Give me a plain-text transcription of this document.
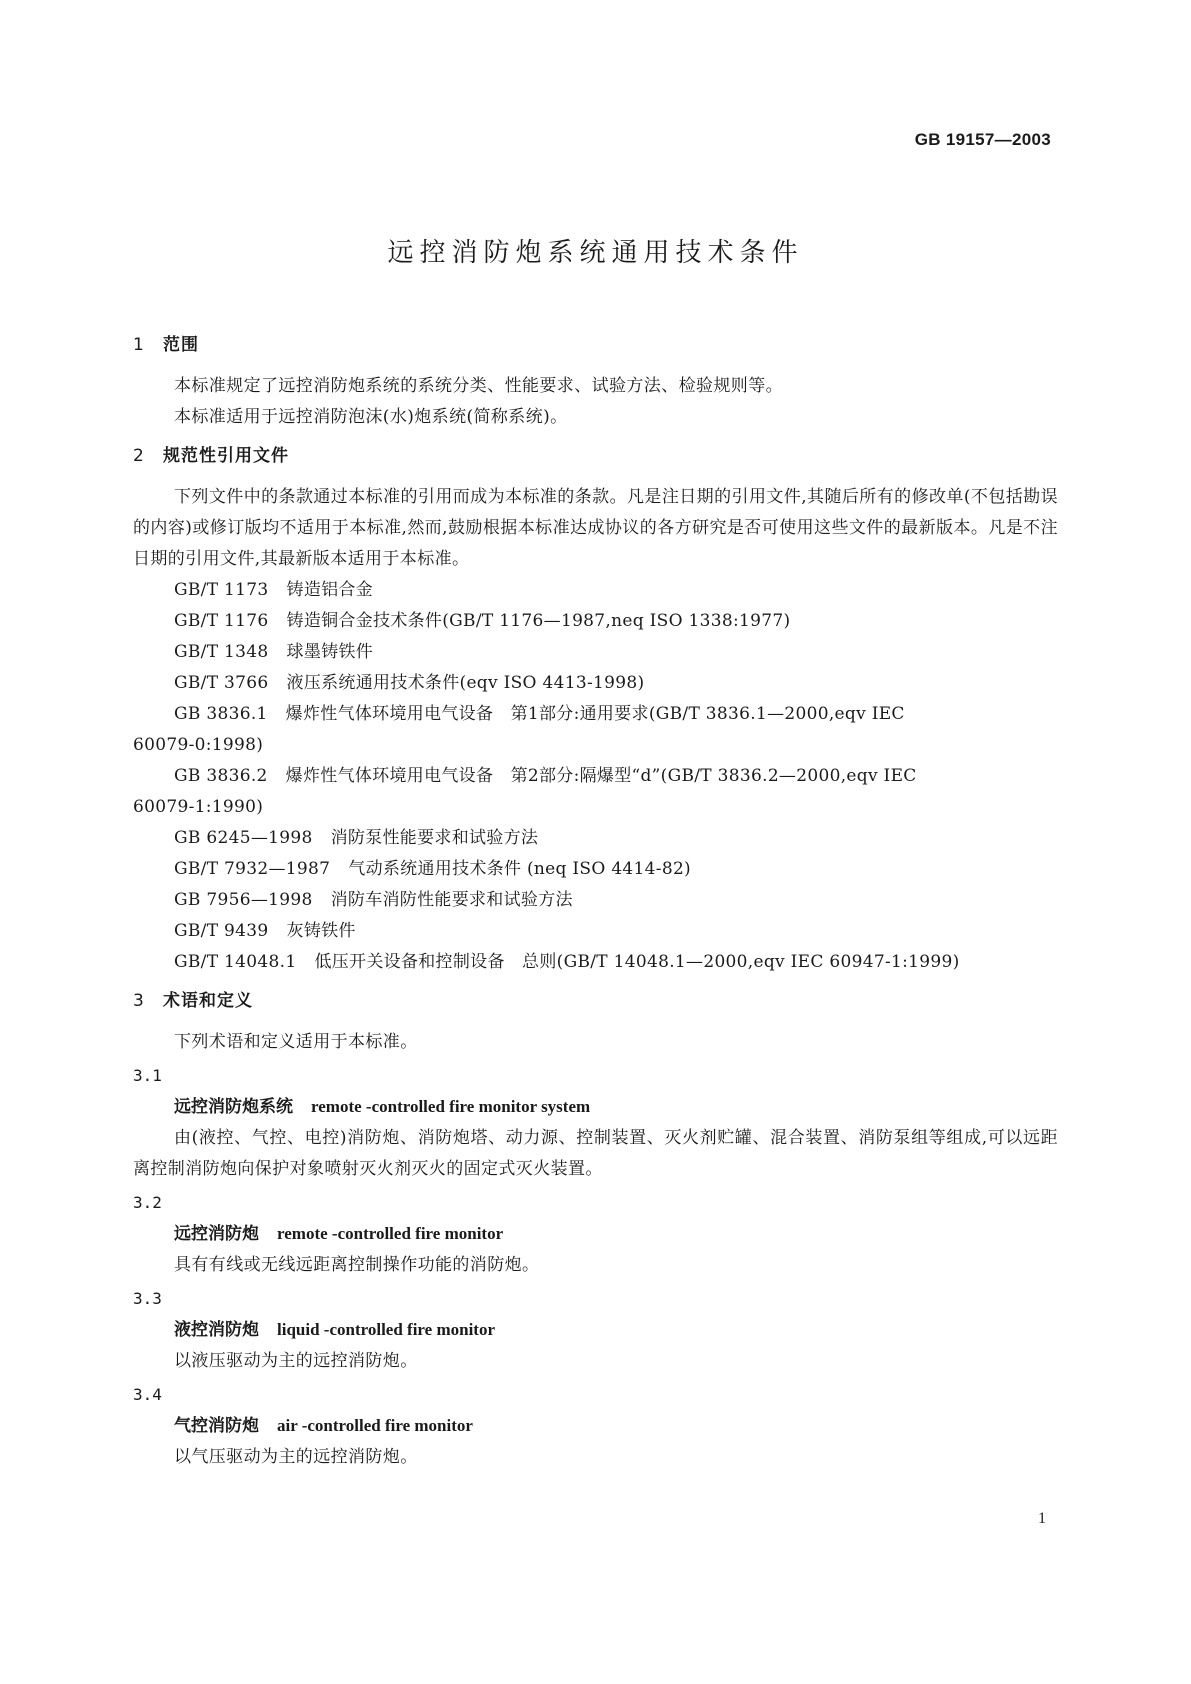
GB 19157—2003
远控消防炮系统通用技术条件
1 范围
本标准规定了远控消防炮系统的系统分类、性能要求、试验方法、检验规则等。
本标准适用于远控消防泡沫(水)炮系统(简称系统)。
2 规范性引用文件
下列文件中的条款通过本标准的引用而成为本标准的条款。凡是注日期的引用文件,其随后所有的修改单(不包括勘误的内容)或修订版均不适用于本标准,然而,鼓励根据本标准达成协议的各方研究是否可使用这些文件的最新版本。凡是不注日期的引用文件,其最新版本适用于本标准。
GB/T 1173 铸造铝合金
GB/T 1176 铸造铜合金技术条件(GB/T 1176—1987,neq ISO 1338:1977)
GB/T 1348 球墨铸铁件
GB/T 3766 液压系统通用技术条件(eqv ISO 4413-1998)
GB 3836.1 爆炸性气体环境用电气设备　第1部分:通用要求(GB/T 3836.1—2000,eqv IEC
60079-0:1998)
GB 3836.2 爆炸性气体环境用电气设备　第2部分:隔爆型“d”(GB/T 3836.2—2000,eqv IEC
60079-1:1990)
GB 6245—1998 消防泵性能要求和试验方法
GB/T 7932—1987 气动系统通用技术条件 (neq ISO 4414-82)
GB 7956—1998 消防车消防性能要求和试验方法
GB/T 9439 灰铸铁件
GB/T 14048.1 低压开关设备和控制设备　总则(GB/T 14048.1—2000,eqv IEC 60947-1:1999)
3 术语和定义
下列术语和定义适用于本标准。
3.1
远控消防炮系统 remote -controlled fire monitor system
由(液控、气控、电控)消防炮、消防炮塔、动力源、控制装置、灭火剂贮罐、混合装置、消防泵组等组成,可以远距离控制消防炮向保护对象喷射灭火剂灭火的固定式灭火装置。
3.2
远控消防炮 remote -controlled fire monitor
具有有线或无线远距离控制操作功能的消防炮。
3.3
液控消防炮 liquid -controlled fire monitor
以液压驱动为主的远控消防炮。
3.4
气控消防炮 air -controlled fire monitor
以气压驱动为主的远控消防炮。
1
